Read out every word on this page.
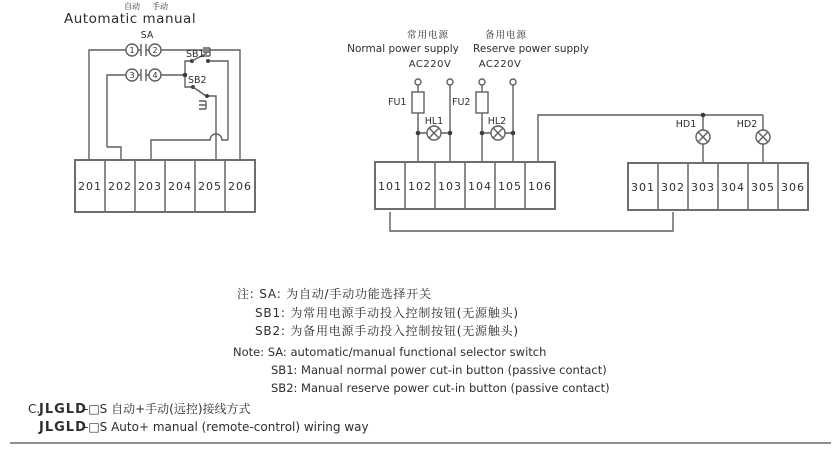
自动 手动
Automatic manual
1 2
3 4
SA
SB1
SB2
201 202 203 204 205 206
常用电源
Normal power supply
备用电源
Reserve power supply
AC220V	AC220V
FU1	FU2
HL1	HL2
101 102 103 104 105 106
HD1	HD2
301 302 303 304 305 306
注: SA: 为自动/手动功能选择开关
SB1: 为常用电源手动投入控制按钮(无源触头)
SB2: 为备用电源手动投入控制按钮(无源触头)
Note: SA: automatic/manual functional selector switch
SB1: Manual normal power cut-in button (passive contact)
SB2: Manual reserve power cut-in button (passive contact)
C.
JLGLD
-□S 自动+手动(远控)接线方式
JLGLD
-□S Auto+ manual (remote-control) wiring way
